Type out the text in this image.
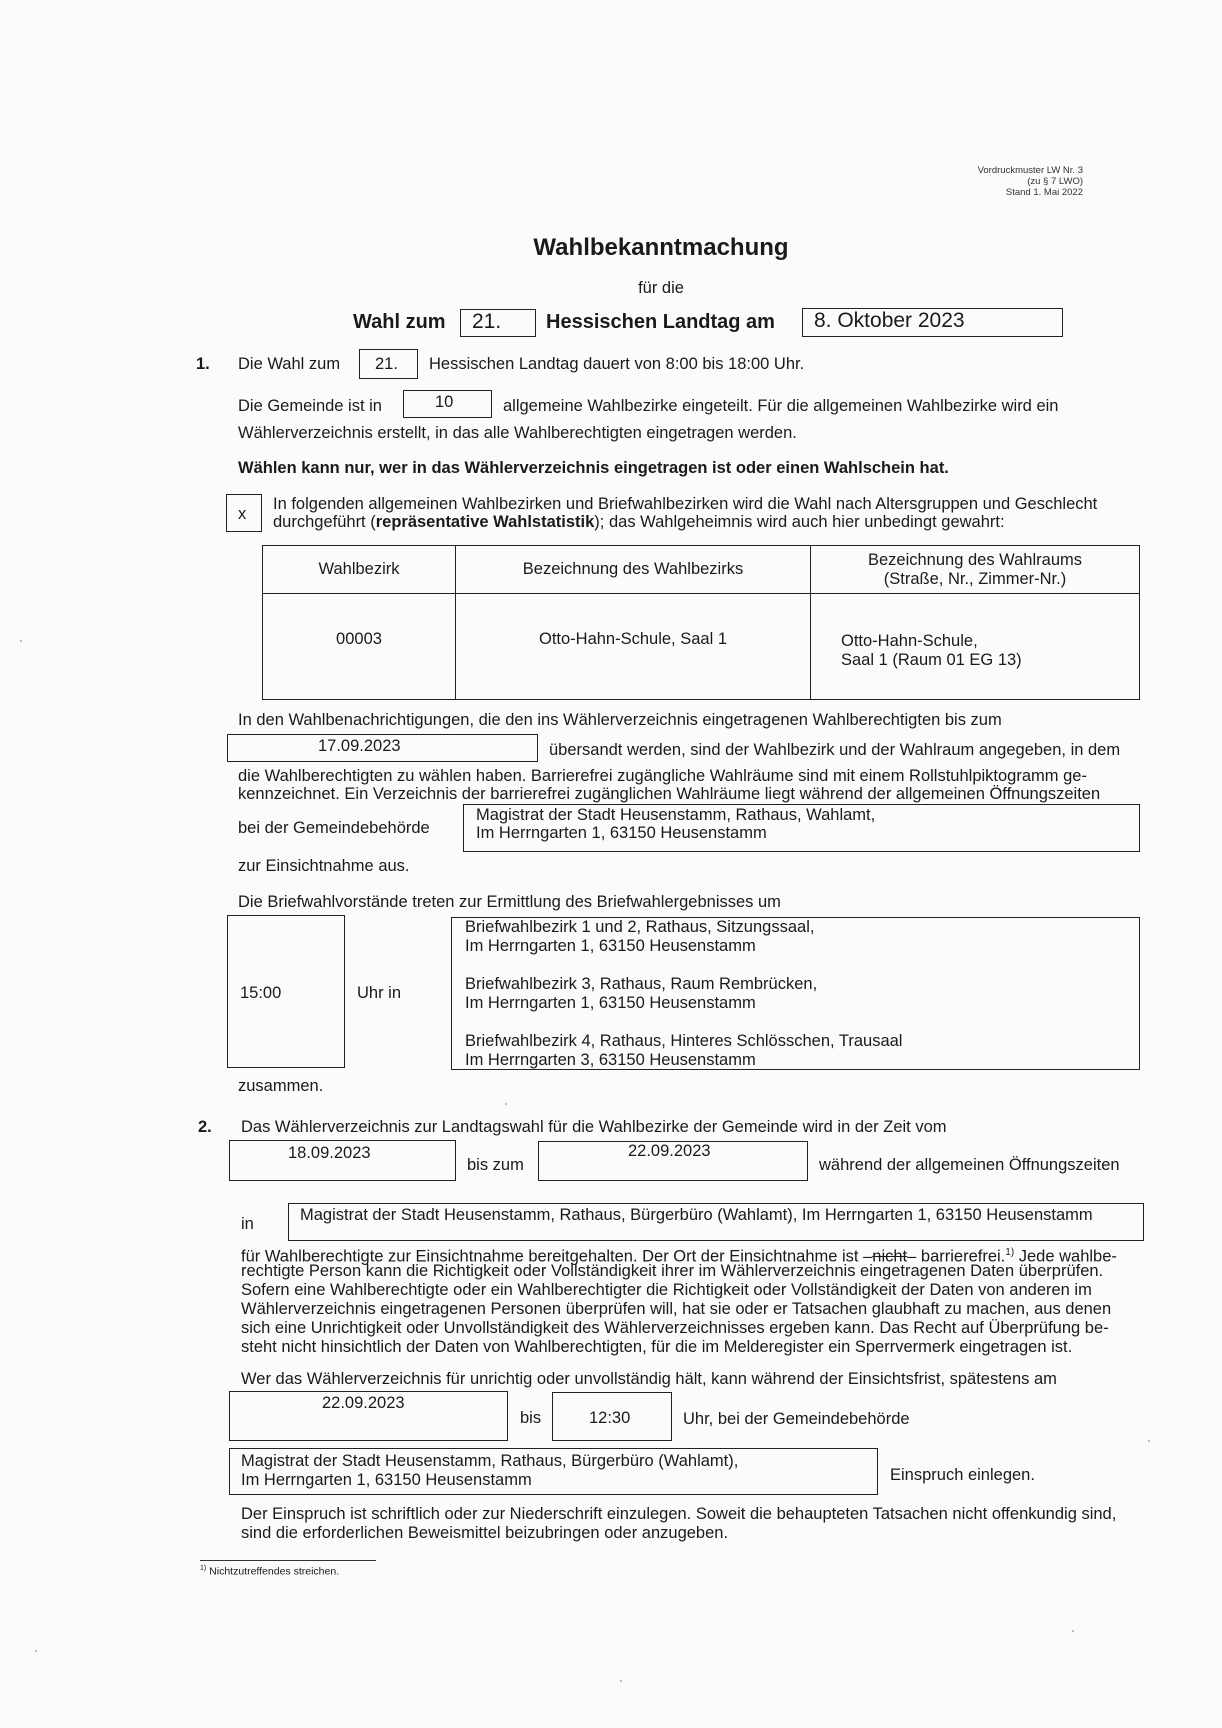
Vordruckmuster LW Nr. 3
(zu § 7 LWO)
Stand 1. Mai 2022
Wahlbekanntmachung
für die
Wahl zum 21. Hessischen Landtag am 8. Oktober 2023
1. Die Wahl zum 21. Hessischen Landtag dauert von 8:00 bis 18:00 Uhr.
Die Gemeinde ist in	10	allgemeine Wahlbezirke eingeteilt. Für die allgemeinen Wahlbezirke wird ein
Wählerverzeichnis erstellt, in das alle Wahlberechtigten eingetragen werden.
Wählen kann nur, wer in das Wählerverzeichnis eingetragen ist oder einen Wahlschein hat.
x
In folgenden allgemeinen Wahlbezirken und Briefwahlbezirken wird die Wahl nach Altersgruppen und Geschlecht
durchgeführt (repräsentative Wahlstatistik); das Wahlgeheimnis wird auch hier unbedingt gewahrt:
Wahlbezirk	Bezeichnung des Wahlbezirks	Bezeichnung des Wahlraums
(Straße, Nr., Zimmer-Nr.)

00003	Otto-Hahn-Schule, Saal 1	Otto-Hahn-Schule,
Saal 1 (Raum 01 EG 13)
In den Wahlbenachrichtigungen, die den ins Wählerverzeichnis eingetragenen Wahlberechtigten bis zum
17.09.2023	übersandt werden, sind der Wahlbezirk und der Wahlraum angegeben, in dem
die Wahlberechtigten zu wählen haben. Barrierefrei zugängliche Wahlräume sind mit einem Rollstuhlpiktogramm ge-
kennzeichnet. Ein Verzeichnis der barrierefrei zugänglichen Wahlräume liegt während der allgemeinen Öffnungszeiten
bei der Gemeindebehörde
Magistrat der Stadt Heusenstamm, Rathaus, Wahlamt,
Im Herrngarten 1, 63150 Heusenstamm
zur Einsichtnahme aus.
Die Briefwahlvorstände treten zur Ermittlung des Briefwahlergebnisses um
15:00	Uhr in
Briefwahlbezirk 1 und 2, Rathaus, Sitzungssaal,
Im Herrngarten 1, 63150 Heusenstamm
Briefwahlbezirk 3, Rathaus, Raum Rembrücken,
Im Herrngarten 1, 63150 Heusenstamm
Briefwahlbezirk 4, Rathaus, Hinteres Schlösschen, Trausaal
Im Herrngarten 3, 63150 Heusenstamm
zusammen.
2. Das Wählerverzeichnis zur Landtagswahl für die Wahlbezirke der Gemeinde wird in der Zeit vom
18.09.2023
bis zum
22.09.2023
während der allgemeinen Öffnungszeiten
in	Magistrat der Stadt Heusenstamm, Rathaus, Bürgerbüro (Wahlamt), Im Herrngarten 1, 63150 Heusenstamm
für Wahlberechtigte zur Einsichtnahme bereitgehalten. Der Ort der Einsichtnahme ist –nicht– barrierefrei.$^{1)}$ Jede wahlbe-
rechtigte Person kann die Richtigkeit oder Vollständigkeit ihrer im Wählerverzeichnis eingetragenen Daten überprüfen.
Sofern eine Wahlberechtigte oder ein Wahlberechtigter die Richtigkeit oder Vollständigkeit der Daten von anderen im
Wählerverzeichnis eingetragenen Personen überprüfen will, hat sie oder er Tatsachen glaubhaft zu machen, aus denen
sich eine Unrichtigkeit oder Unvollständigkeit des Wählerverzeichnisses ergeben kann. Das Recht auf Überprüfung be-
steht nicht hinsichtlich der Daten von Wahlberechtigten, für die im Melderegister ein Sperrvermerk eingetragen ist.
Wer das Wählerverzeichnis für unrichtig oder unvollständig hält, kann während der Einsichtsfrist, spätestens am
22.09.2023
bis	12:30	Uhr, bei der Gemeindebehörde
Magistrat der Stadt Heusenstamm, Rathaus, Bürgerbüro (Wahlamt),
Im Herrngarten 1, 63150 Heusenstamm	Einspruch einlegen.
Der Einspruch ist schriftlich oder zur Niederschrift einzulegen. Soweit die behaupteten Tatsachen nicht offenkundig sind,
sind die erforderlichen Beweismittel beizubringen oder anzugeben.
$^{1)}$ Nichtzutreffendes streichen.
